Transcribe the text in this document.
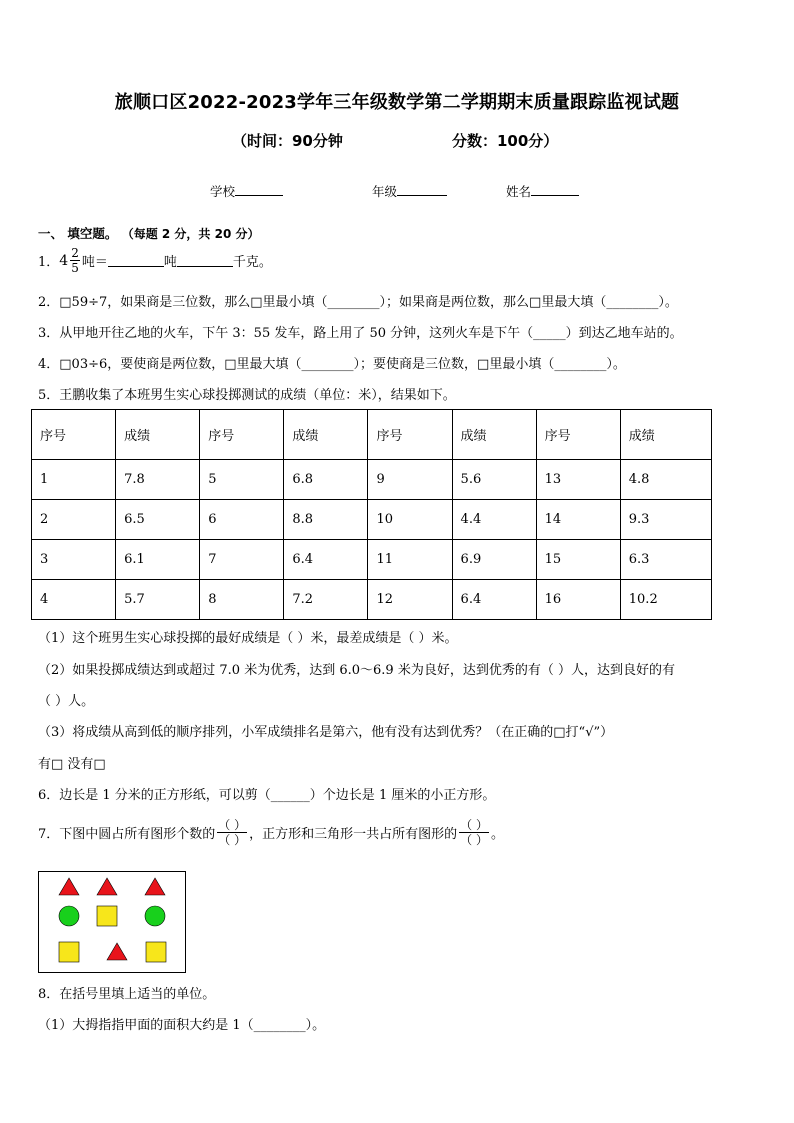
旅顺口区2022-2023学年三年级数学第二学期期末质量跟踪监视试题
（时间：90分钟	分数：100分）
学校	年级	姓名
一、 填空题。 （每题 2 分，共 20 分）
1． $4 \frac{2}{5}$ 吨＝	吨	千克。
2．□59÷7，如果商是三位数，那么□里最小填（________）；如果商是两位数，那么□里最大填（________）。
3．从甲地开往乙地的火车，下午 3：55 发车，路上用了 50 分钟，这列火车是下午（_____）到达乙地车站的。
4．□03÷6，要使商是两位数，□里最大填（________）；要使商是三位数，□里最小填（________）。
5．王鹏收集了本班男生实心球投掷测试的成绩（单位：米），结果如下。
序号	成绩	序号	成绩	序号	成绩	序号	成绩
1	7.8	5	6.8	9	5.6	13	4.8
2	6.5	6	8.8	10	4.4	14	9.3
3	6.1	7	6.4	11	6.9	15	6.3
4	5.7	8	7.2	12	6.4	16	10.2
（1）这个班男生实心球投掷的最好成绩是（ ）米，最差成绩是（ ）米。
（2）如果投掷成绩达到或超过 7.0 米为优秀，达到 6.0～6.9 米为良好，达到优秀的有（ ）人，达到良好的有
（ ）人。
（3）将成绩从高到低的顺序排列，小军成绩排名是第六，他有没有达到优秀？（在正确的□打“√”）
有□ 没有□
6．边长是 1 分米的正方形纸，可以剪（______）个边长是 1 厘米的小正方形。
7．下图中圆占所有图形个数的 $\frac{( )}{( )}$ ，正方形和三角形一共占所有图形的 $\frac{( )}{( )}$ 。
8．在括号里填上适当的单位。
（1）大拇指指甲面的面积大约是 1（________）。
